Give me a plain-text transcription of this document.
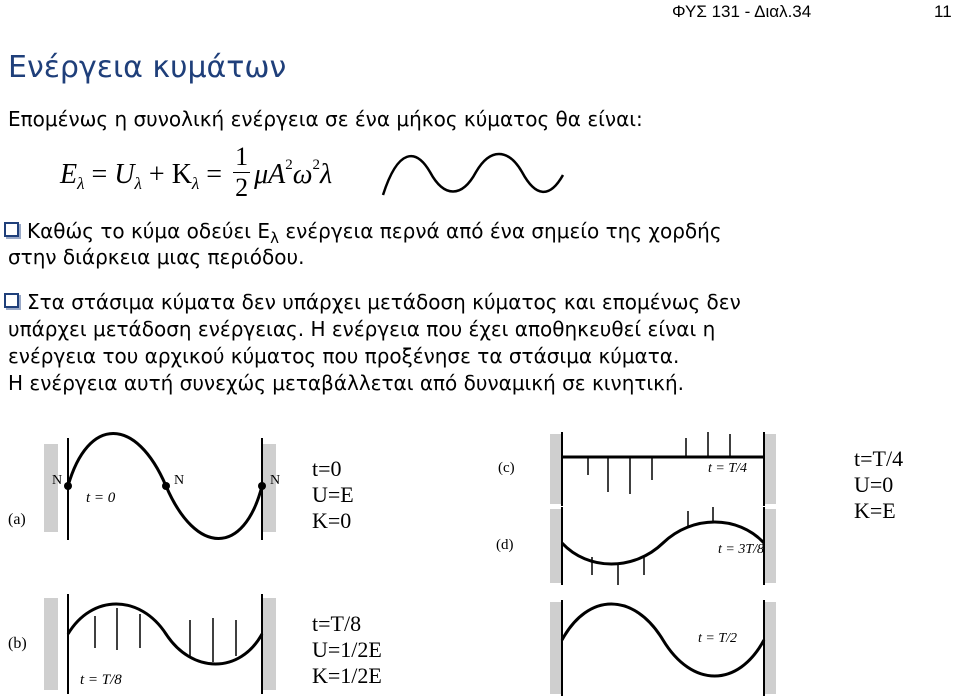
ΦΥΣ 131 - Διαλ.34	11
Ενέργεια κυμάτων
Επομένως η συνολική ενέργεια σε ένα μήκος κύματος θα είναι:
$E_\lambda = U_\lambda + K_\lambda = \frac{1}{2} \mu A^2\omega^2\lambda$
Καθώς το κύμα οδεύει $E_\lambda$ ενέργεια περνά από ένα σημείο της χορδής
στην διάρκεια μιας περιόδου.
Στα στάσιμα κύματα δεν υπάρχει μετάδοση κύματος και επομένως δεν
υπάρχει μετάδοση ενέργειας. Η ενέργεια που έχει αποθηκευθεί είναι η
ενέργεια του αρχικού κύματος που προξένησε τα στάσιμα κύματα.
Η ενέργεια αυτή συνεχώς μεταβάλλεται από δυναμική σε κινητική.
N	N	N
t = 0
(a)
t = T/8
(b)
(c)	t = T/4
(d)	t = 3T/8
t = T/2
t=0
U=E
K=0
t=T/4
U=0
K=E
t=T/8
U=1/2E
K=1/2E
